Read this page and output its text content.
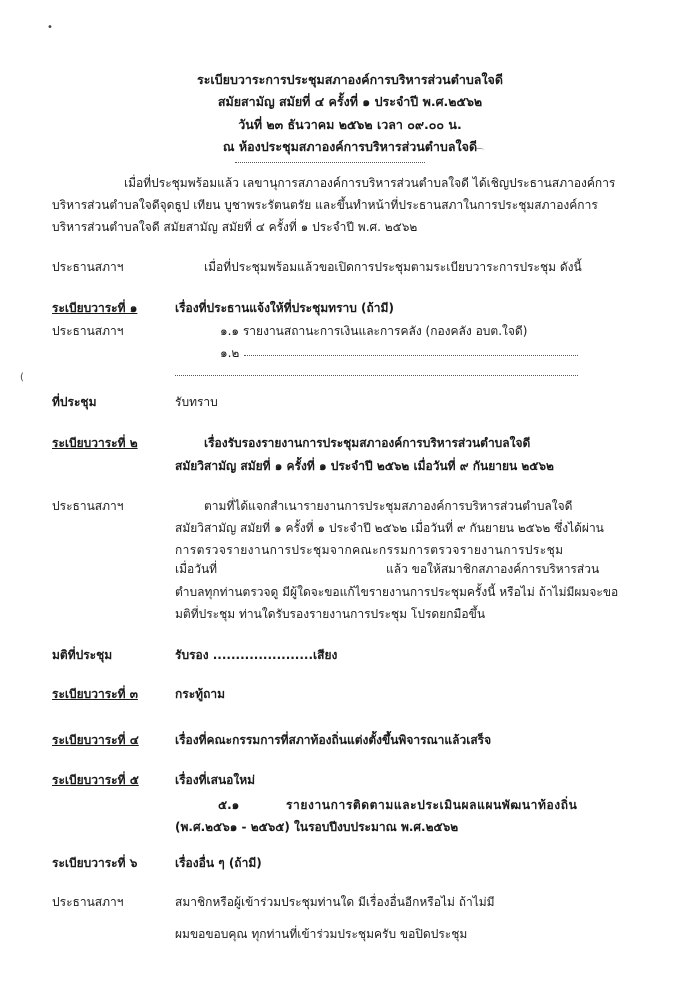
•
⌒
(
ระเบียบวาระการประชุมสภาองค์การบริหารส่วนตำบลใจดี
สมัยสามัญ สมัยที่ ๔ ครั้งที่ ๑ ประจำปี พ.ศ.๒๕๖๒
วันที่ ๒๓ ธันวาคม ๒๕๖๒ เวลา ๐๙.๐๐ น.
ณ ห้องประชุมสภาองค์การบริหารส่วนตำบลใจดี
เมื่อที่ประชุมพร้อมแล้ว เลขานุการสภาองค์การบริหารส่วนตำบลใจดี ได้เชิญประธานสภาองค์การ
บริหารส่วนตำบลใจดีจุดธูป เทียน บูชาพระรัตนตรัย และขึ้นทำหน้าที่ประธานสภาในการประชุมสภาองค์การ
บริหารส่วนตำบลใจดี สมัยสามัญ สมัยที่ ๔ ครั้งที่ ๑ ประจำปี พ.ศ. ๒๕๖๒
ประธานสภาฯ	เมื่อที่ประชุมพร้อมแล้วขอเปิดการประชุมตามระเบียบวาระการประชุม ดังนี้
ระเบียบวาระที่ ๑	เรื่องที่ประธานแจ้งให้ที่ประชุมทราบ (ถ้ามี)
ประธานสภาฯ	๑.๑ รายงานสถานะการเงินและการคลัง (กองคลัง อบต.ใจดี)
๑.๒
ที่ประชุม	รับทราบ
ระเบียบวาระที่ ๒	เรื่องรับรองรายงานการประชุมสภาองค์การบริหารส่วนตำบลใจดี
สมัยวิสามัญ สมัยที่ ๑ ครั้งที่ ๑ ประจำปี ๒๕๖๒ เมื่อวันที่ ๙ กันยายน ๒๕๖๒
ประธานสภาฯ	ตามที่ได้แจกสำเนารายงานการประชุมสภาองค์การบริหารส่วนตำบลใจดี
สมัยวิสามัญ สมัยที่ ๑ ครั้งที่ ๑ ประจำปี ๒๕๖๒ เมื่อวันที่ ๙ กันยายน ๒๕๖๒ ซึ่งได้ผ่าน
การตรวจรายงานการประชุมจากคณะกรรมการตรวจรายงานการประชุม
เมื่อวันที่	แล้ว ขอให้สมาชิกสภาองค์การบริหารส่วน
ตำบลทุกท่านตรวจดู มีผู้ใดจะขอแก้ไขรายงานการประชุมครั้งนี้ หรือไม่ ถ้าไม่มีผมจะขอ
มติที่ประชุม ท่านใดรับรองรายงานการประชุม โปรดยกมือขึ้น
มติที่ประชุม	รับรอง ......................เสียง
ระเบียบวาระที่ ๓	กระทู้ถาม
ระเบียบวาระที่ ๔	เรื่องที่คณะกรรมการที่สภาท้องถิ่นแต่งตั้งขึ้นพิจารณาแล้วเสร็จ
ระเบียบวาระที่ ๕	เรื่องที่เสนอใหม่
๕.๑	รายงานการติดตามและประเมินผลแผนพัฒนาท้องถิ่น
(พ.ศ.๒๕๖๑ - ๒๕๖๕) ในรอบปีงบประมาณ พ.ศ.๒๕๖๒
ระเบียบวาระที่ ๖	เรื่องอื่น ๆ (ถ้ามี)
ประธานสภาฯ	สมาชิกหรือผู้เข้าร่วมประชุมท่านใด มีเรื่องอื่นอีกหรือไม่ ถ้าไม่มี
ผมขอขอบคุณ ทุกท่านที่เข้าร่วมประชุมครับ ขอปิดประชุม
